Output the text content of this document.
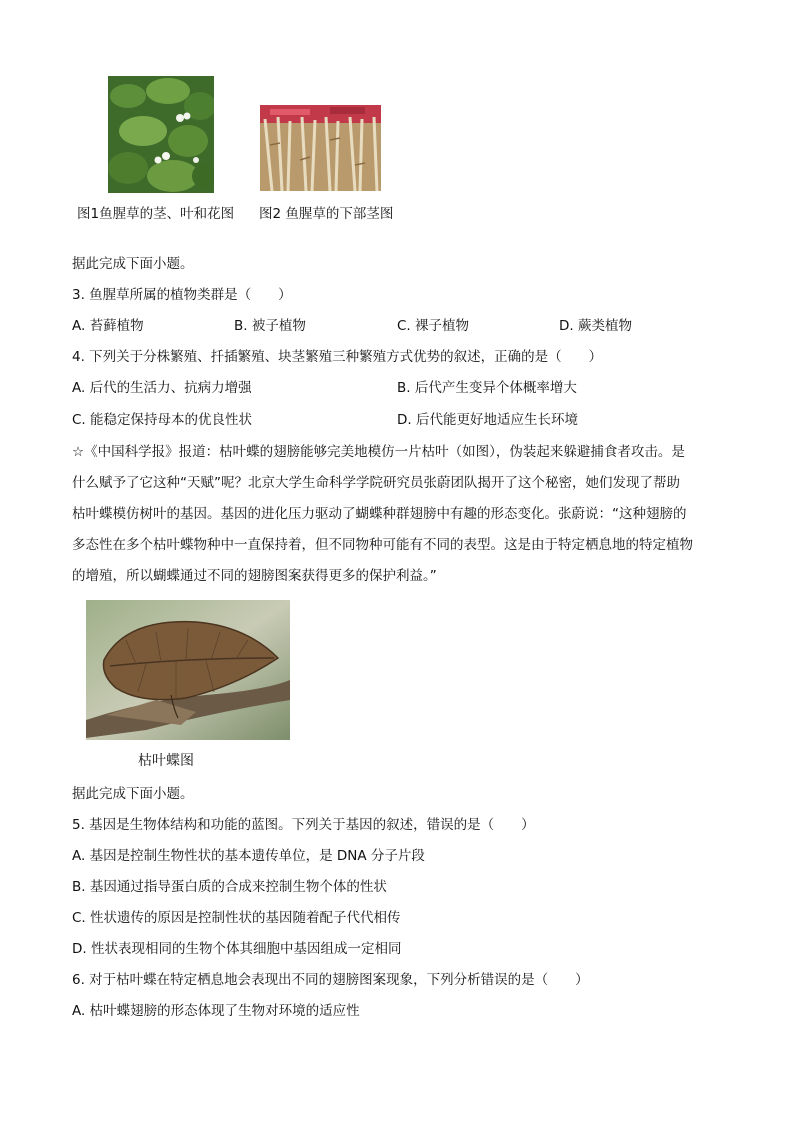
图1鱼腥草的茎、叶和花图 图2 鱼腥草的下部茎图
据此完成下面小题。
3. 鱼腥草所属的植物类群是（　　）
A. 苔藓植物	B. 被子植物	C. 裸子植物	D. 蕨类植物
4. 下列关于分株繁殖、扦插繁殖、块茎繁殖三种繁殖方式优势的叙述，正确的是（　　）
A. 后代的生活力、抗病力增强	B. 后代产生变异个体概率增大
C. 能稳定保持母本的优良性状	D. 后代能更好地适应生长环境
☆《中国科学报》报道：枯叶蝶的翅膀能够完美地模仿一片枯叶（如图），伪装起来躲避捕食者攻击。是
什么赋予了它这种“天赋”呢？北京大学生命科学学院研究员张蔚团队揭开了这个秘密，她们发现了帮助
枯叶蝶模仿树叶的基因。基因的进化压力驱动了蝴蝶种群翅膀中有趣的形态变化。张蔚说：“这种翅膀的
多态性在多个枯叶蝶物种中一直保持着，但不同物种可能有不同的表型。这是由于特定栖息地的特定植物
的增殖，所以蝴蝶通过不同的翅膀图案获得更多的保护利益。”
枯叶蝶图
据此完成下面小题。
5. 基因是生物体结构和功能的蓝图。下列关于基因的叙述，错误的是（　　）
A. 基因是控制生物性状的基本遗传单位，是 DNA 分子片段
B. 基因通过指导蛋白质的合成来控制生物个体的性状
C. 性状遗传的原因是控制性状的基因随着配子代代相传
D. 性状表现相同的生物个体其细胞中基因组成一定相同
6. 对于枯叶蝶在特定栖息地会表现出不同的翅膀图案现象，下列分析错误的是（　　）
A. 枯叶蝶翅膀的形态体现了生物对环境的适应性
